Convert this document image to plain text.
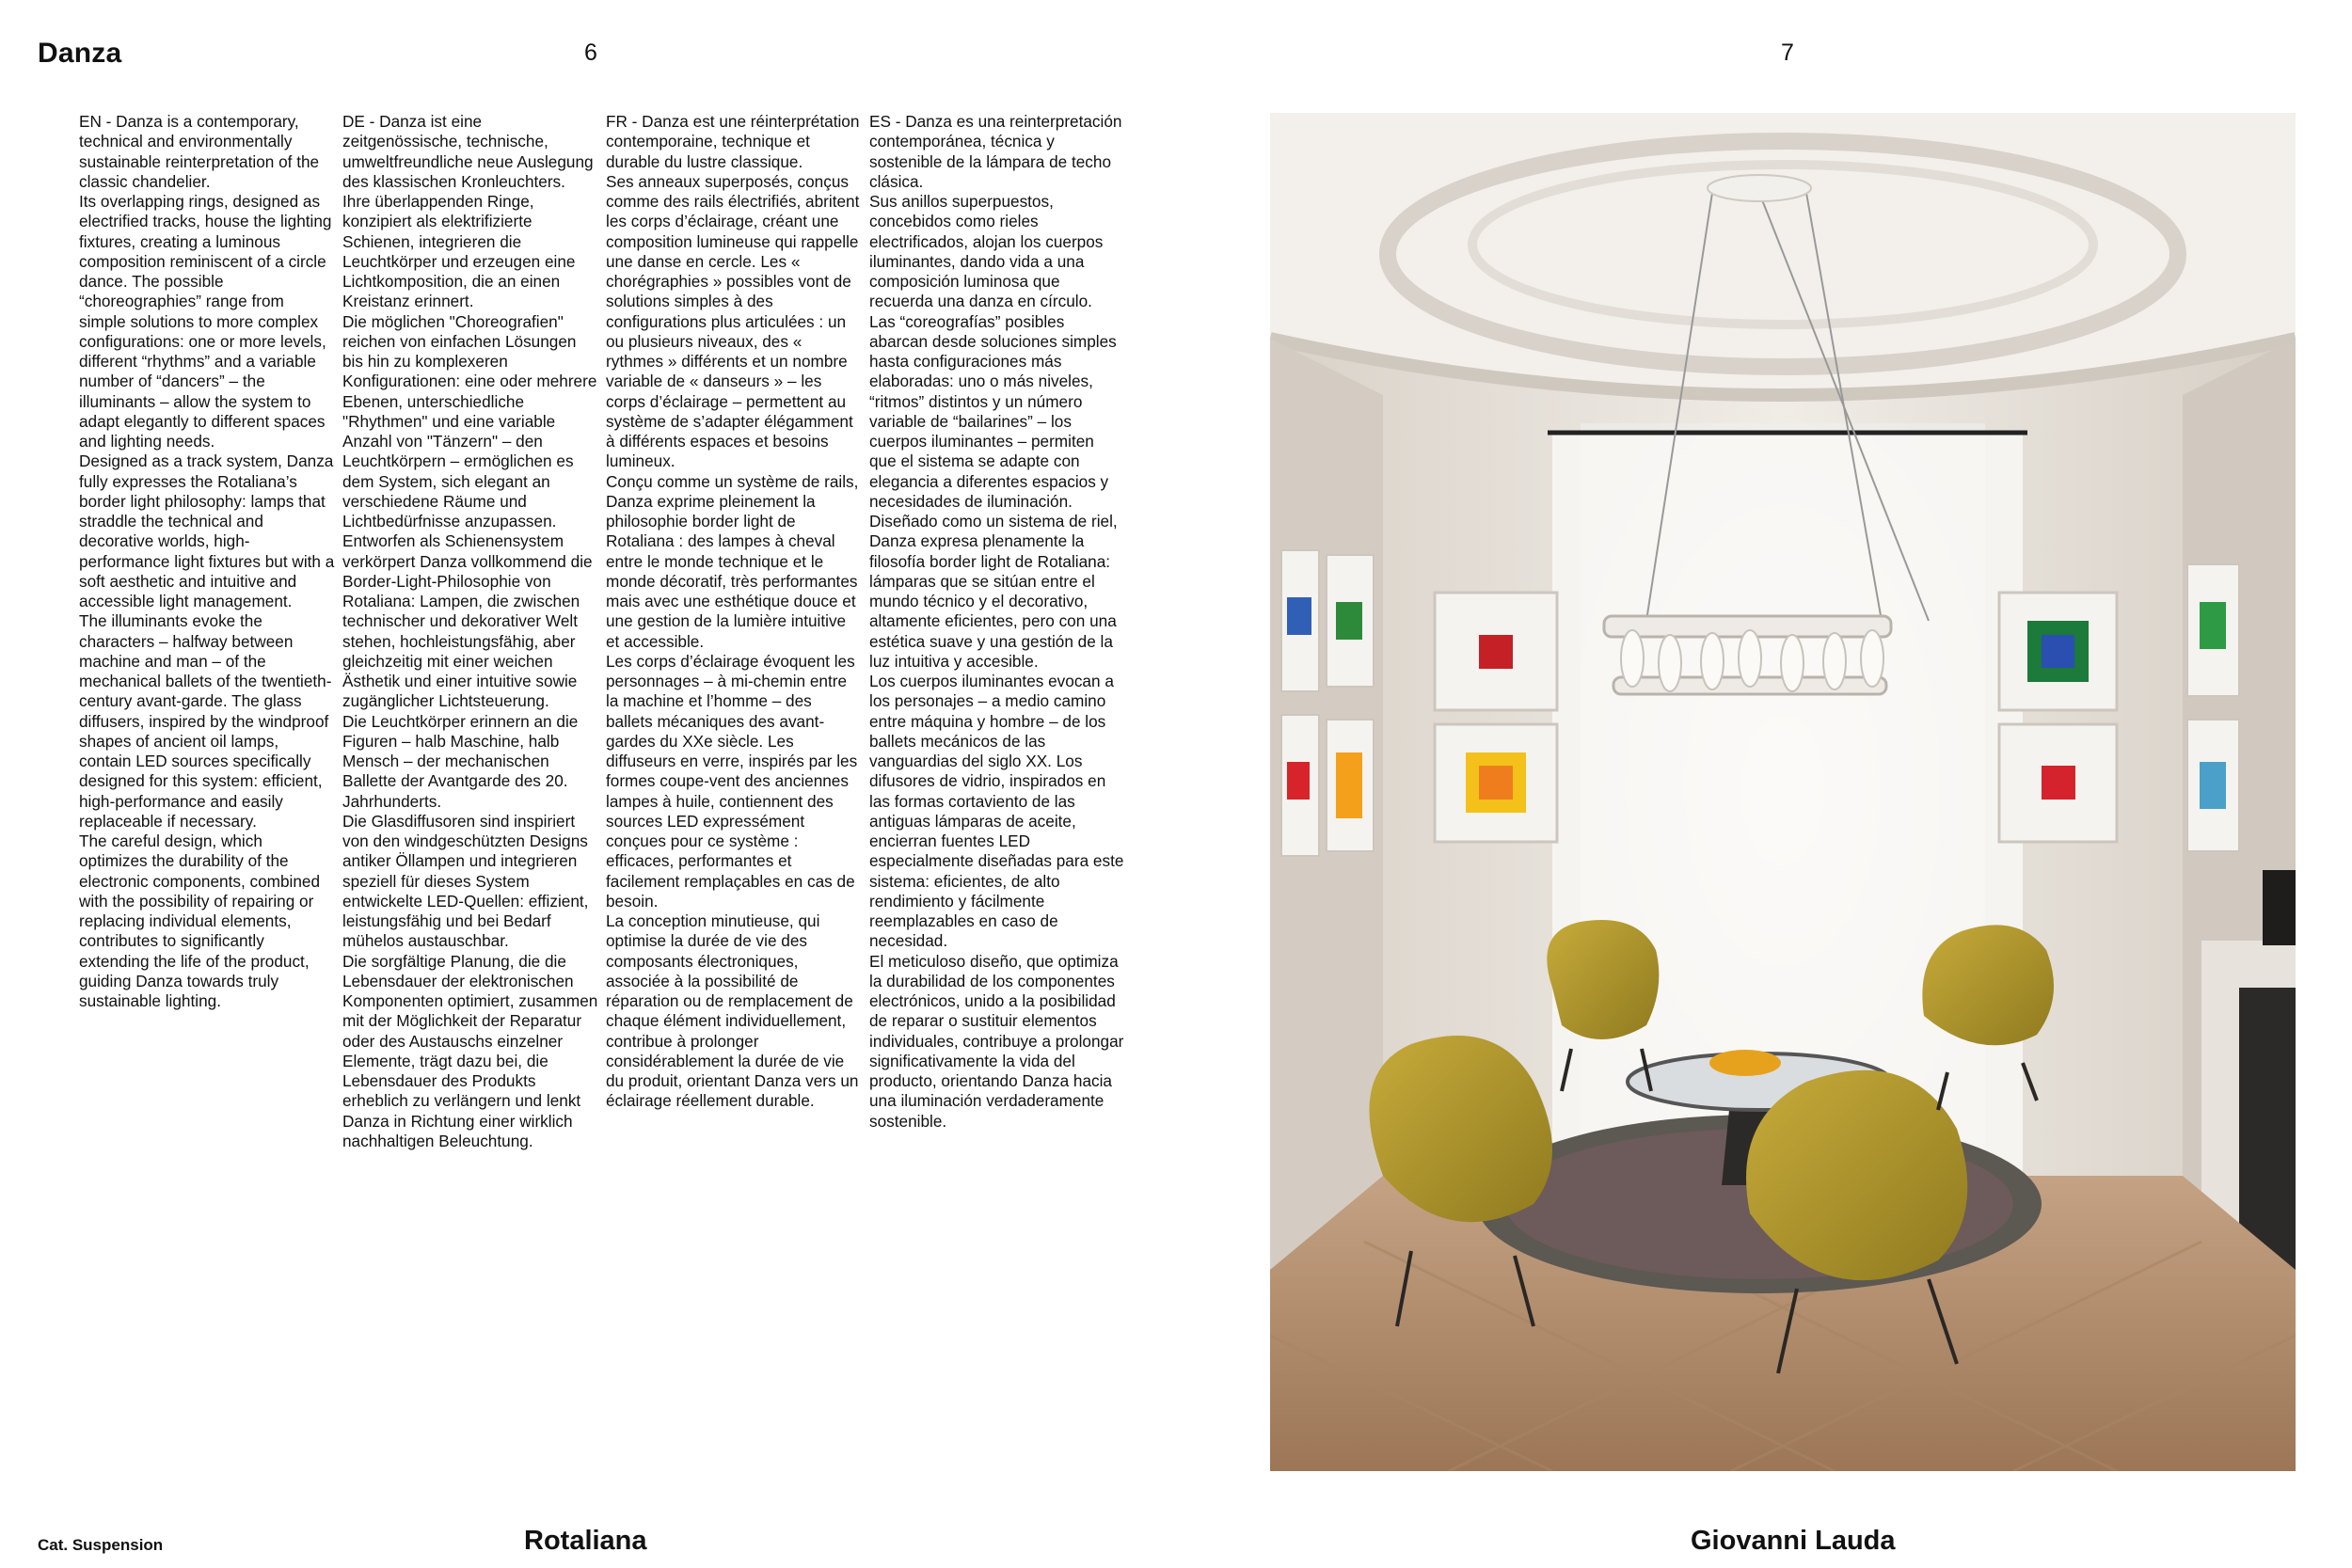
Danza	6	7

EN - Danza is a contemporary, technical and environmentally sustainable reinterpretation of the classic chandelier.

Its overlapping rings, designed as electrified tracks, house the lighting fixtures, creating a luminous composition reminiscent of a circle dance. The possible “choreographies” range from simple solutions to more complex configurations: one or more levels, different “rhythms” and a variable number of “dancers” – the illuminants – allow the system to adapt elegantly to different spaces and lighting needs.

Designed as a track system, Danza fully expresses the Rotaliana’s border light philosophy: lamps that straddle the technical and decorative worlds, high-performance light fixtures but with a soft aesthetic and intuitive and accessible light management.

The illuminants evoke the characters – halfway between machine and man – of the mechanical ballets of the twentieth-century avant-garde. The glass diffusers, inspired by the windproof shapes of ancient oil lamps, contain LED sources specifically designed for this system: efficient, high-performance and easily replaceable if necessary.

The careful design, which optimizes the durability of the electronic components, combined with the possibility of repairing or replacing individual elements, contributes to significantly extending the life of the product, guiding Danza towards truly sustainable lighting.

DE - Danza ist eine zeitgenössische, technische, umweltfreundliche neue Auslegung des klassischen Kronleuchters.

Ihre überlappenden Ringe, konzipiert als elektrifizierte Schienen, integrieren die Leuchtkörper und erzeugen eine Lichtkomposition, die an einen Kreistanz erinnert.

Die möglichen "Choreografien" reichen von einfachen Lösungen bis hin zu komplexeren Konfigurationen: eine oder mehrere Ebenen, unterschiedliche "Rhythmen" und eine variable Anzahl von "Tänzern" – den Leuchtkörpern – ermöglichen es dem System, sich elegant an verschiedene Räume und Lichtbedürfnisse anzupassen.

Entworfen als Schienensystem verkörpert Danza vollkommend die Border-Light-Philosophie von Rotaliana: Lampen, die zwischen technischer und dekorativer Welt stehen, hochleistungsfähig, aber gleichzeitig mit einer weichen Ästhetik und einer intuitive sowie zugänglicher Lichtsteuerung.

Die Leuchtkörper erinnern an die Figuren – halb Maschine, halb Mensch – der mechanischen Ballette der Avantgarde des 20. Jahrhunderts.

Die Glasdiffusoren sind inspiriert von den windgeschützten Designs antiker Öllampen und integrieren speziell für dieses System entwickelte LED-Quellen: effizient, leistungsfähig und bei Bedarf mühelos austauschbar.

Die sorgfältige Planung, die die Lebensdauer der elektronischen Komponenten optimiert, zusammen mit der Möglichkeit der Reparatur oder des Austauschs einzelner Elemente, trägt dazu bei, die Lebensdauer des Produkts erheblich zu verlängern und lenkt Danza in Richtung einer wirklich nachhaltigen Beleuchtung.

FR - Danza est une réinterprétation contemporaine, technique et durable du lustre classique.

Ses anneaux superposés, conçus comme des rails électrifiés, abritent les corps d’éclairage, créant une composition lumineuse qui rappelle une danse en cercle. Les « chorégraphies » possibles vont de solutions simples à des configurations plus articulées : un ou plusieurs niveaux, des « rythmes » différents et un nombre variable de « danseurs » – les corps d’éclairage – permettent au système de s’adapter élégamment à différents espaces et besoins lumineux.

Conçu comme un système de rails, Danza exprime pleinement la philosophie border light de Rotaliana : des lampes à cheval entre le monde technique et le monde décoratif, très performantes mais avec une esthétique douce et une gestion de la lumière intuitive et accessible.

Les corps d’éclairage évoquent les personnages – à mi-chemin entre la machine et l’homme – des ballets mécaniques des avant-gardes du XXe siècle. Les diffuseurs en verre, inspirés par les formes coupe-vent des anciennes lampes à huile, contiennent des sources LED expressément conçues pour ce système : efficaces, performantes et facilement remplaçables en cas de besoin.

La conception minutieuse, qui optimise la durée de vie des composants électroniques, associée à la possibilité de réparation ou de remplacement de chaque élément individuellement, contribue à prolonger considérablement la durée de vie du produit, orientant Danza vers un éclairage réellement durable.

ES - Danza es una reinterpretación contemporánea, técnica y sostenible de la lámpara de techo clásica.

Sus anillos superpuestos, concebidos como rieles electrificados, alojan los cuerpos iluminantes, dando vida a una composición luminosa que recuerda una danza en círculo.

Las “coreografías” posibles abarcan desde soluciones simples hasta configuraciones más elaboradas: uno o más niveles, “ritmos” distintos y un número variable de “bailarines” – los cuerpos iluminantes – permiten que el sistema se adapte con elegancia a diferentes espacios y necesidades de iluminación.

Diseñado como un sistema de riel, Danza expresa plenamente la filosofía border light de Rotaliana: lámparas que se sitúan entre el mundo técnico y el decorativo, altamente eficientes, pero con una estética suave y una gestión de la luz intuitiva y accesible.

Los cuerpos iluminantes evocan a los personajes – a medio camino entre máquina y hombre – de los ballets mecánicos de las vanguardias del siglo XX. Los difusores de vidrio, inspirados en las formas cortaviento de las antiguas lámparas de aceite, encierran fuentes LED especialmente diseñadas para este sistema: eficientes, de alto rendimiento y fácilmente reemplazables en caso de necesidad.

El meticuloso diseño, que optimiza la durabilidad de los componentes electrónicos, unido a la posibilidad de reparar o sustituir elementos individuales, contribuye a prolongar significativamente la vida del producto, orientando Danza hacia una iluminación verdaderamente sostenible.

Cat. Suspension	Rotaliana	Giovanni Lauda
